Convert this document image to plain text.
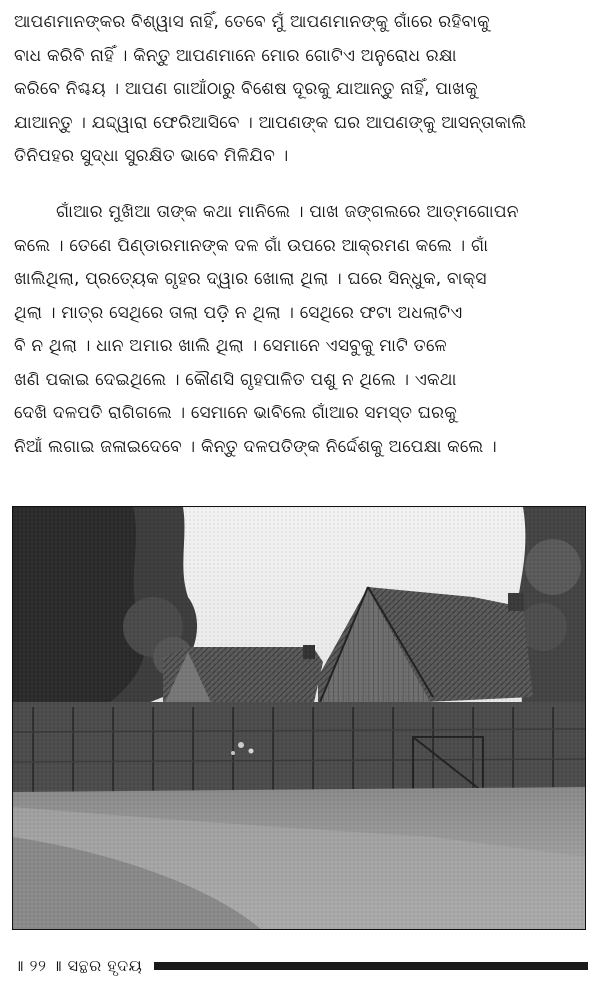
ଆପଣମାନଙ୍କର ବିଶ୍ୱାସ ନାହିଁ, ତେବେ ମୁଁ ଆପଣମାନଙ୍କୁ ଗାଁରେ ରହିବାକୁ

ବାଧ କରିବି ନାହିଁ । କିନ୍ତୁ ଆପଣମାନେ ମୋର ଗୋଟିଏ ଅନୁରୋଧ ରକ୍ଷା

କରିବେ ନିଶ୍ଚୟ । ଆପଣ ଗାଆଁଠାରୁ ବିଶେଷ ଦୂରକୁ ଯାଆନ୍ତୁ ନାହିଁ, ପାଖକୁ

ଯାଆନ୍ତୁ । ଯଦ୍ଦ୍ୱାରା ଫେରିଆସିବେ । ଆପଣଙ୍କ ଘର ଆପଣଙ୍କୁ ଆସନ୍ତାକାଲି

ତିନିପହର ସୁଦ୍ଧା ସୁରକ୍ଷିତ ଭାବେ ମିଳିଯିବ ।

ଗାଁଆର ମୁଖିଆ ତାଙ୍କ କଥା ମାନିଲେ । ପାଖ ଜଙ୍ଗଲରେ ଆତ୍ମଗୋପନ

କଲେ । ତେଣେ ପିଣ୍ଡାରମାନଙ୍କ ଦଳ ଗାଁ ଉପରେ ଆକ୍ରମଣ କଲେ । ଗାଁ

ଖାଲିଥିଲା, ପ୍ରତ୍ୟେକ ଗୃହର ଦ୍ୱାର ଖୋଲା ଥିଲା । ଘରେ ସିନ୍ଧୁକ, ବାକ୍ସ

ଥିଲା । ମାତ୍ର ସେଥିରେ ତାଲା ପଡ଼ି ନ ଥିଲା । ସେଥିରେ ଫଟା ଅଧଲାଟିଏ

ବି ନ ଥିଲା । ଧାନ ଅମାର ଖାଲି ଥିଲା । ସେମାନେ ଏସବୁକୁ ମାଟି ତଳେ

ଖଣି ପକାଇ ଦେଇଥିଲେ । କୌଣସି ଗୃହପାଳିତ ପଶୁ ନ ଥିଲେ । ଏକଥା

ଦେଖି ଦଳପତି ରାଗିଗଲେ । ସେମାନେ ଭାବିଲେ ଗାଁଆର ସମସ୍ତ ଘରକୁ

ନିଆଁ ଲଗାଇ ଜଳାଇଦେବେ । କିନ୍ତୁ ଦଳପତିଙ୍କ ନିର୍ଦ୍ଦେଶକୁ ଅପେକ୍ଷା କଲେ ।

॥ ୨୨ ॥ ସନ୍ଥର ହୃଦୟ
